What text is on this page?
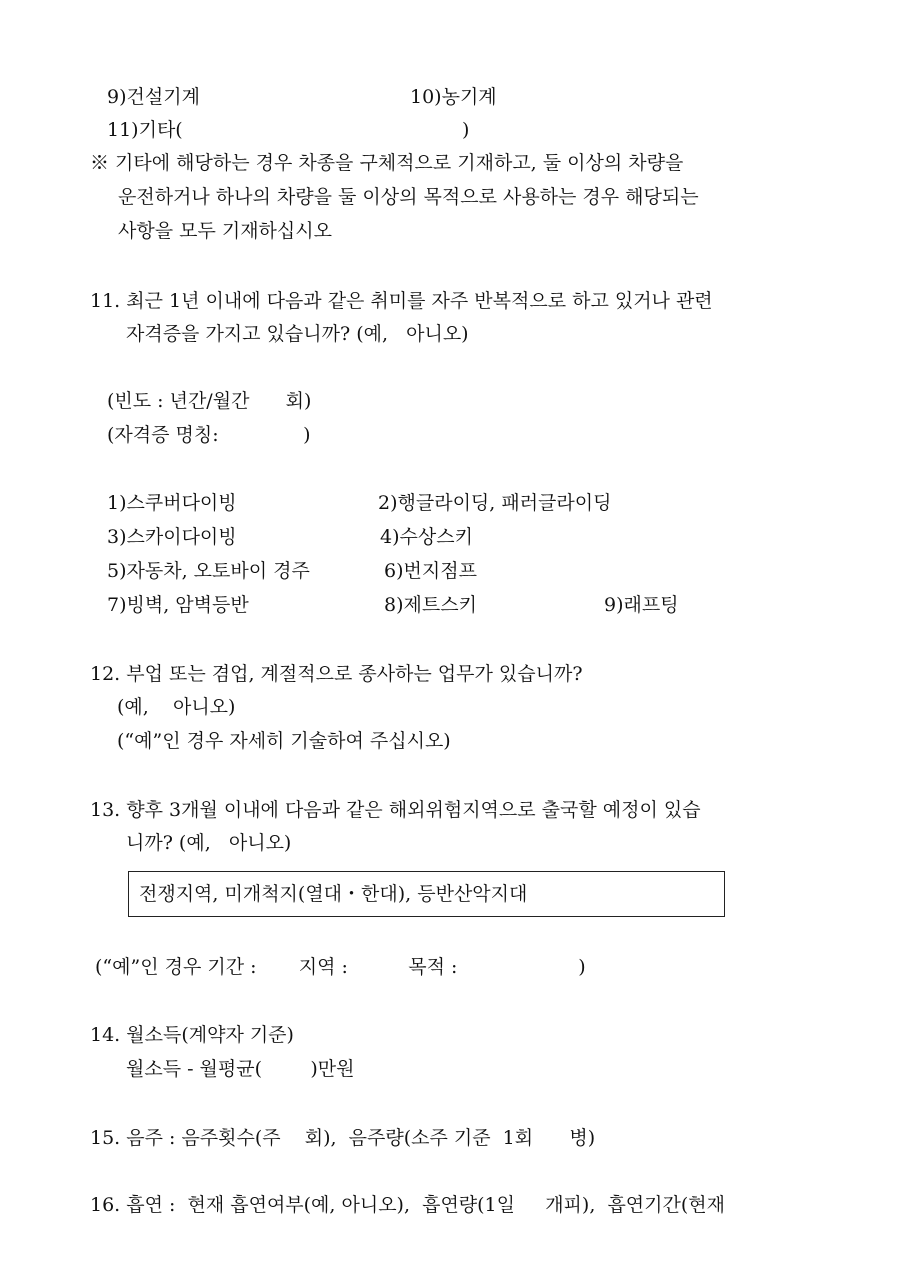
9)건설기계	10)농기계
11)기타(	)
※ 기타에 해당하는 경우 차종을 구체적으로 기재하고, 둘 이상의 차량을
운전하거나 하나의 차량을 둘 이상의 목적으로 사용하는 경우 해당되는
사항을 모두 기재하십시오
11. 최근 1년 이내에 다음과 같은 취미를 자주 반복적으로 하고 있거나 관련
자격증을 가지고 있습니까? (예,   아니오)
(빈도 : 년간/월간      회)
(자격증 명칭:              )
1)스쿠버다이빙	2)행글라이딩, 패러글라이딩
3)스카이다이빙	4)수상스키
5)자동차, 오토바이 경주	6)번지점프
7)빙벽, 암벽등반	8)제트스키	9)래프팅
12. 부업 또는 겸업, 계절적으로 종사하는 업무가 있습니까?
(예,    아니오)
(“예”인 경우 자세히 기술하여 주십시오)
13. 향후 3개월 이내에 다음과 같은 해외위험지역으로 출국할 예정이 있습
니까? (예,   아니오)
전쟁지역, 미개척지(열대・한대), 등반산악지대
(“예”인 경우 기간 :       지역 :          목적 :                    )
14. 월소득(계약자 기준)
월소득 - 월평균(        )만원
15. 음주 : 음주횟수(주    회),  음주량(소주 기준  1회      병)
16. 흡연 :  현재 흡연여부(예, 아니오),  흡연량(1일     개피),  흡연기간(현재
